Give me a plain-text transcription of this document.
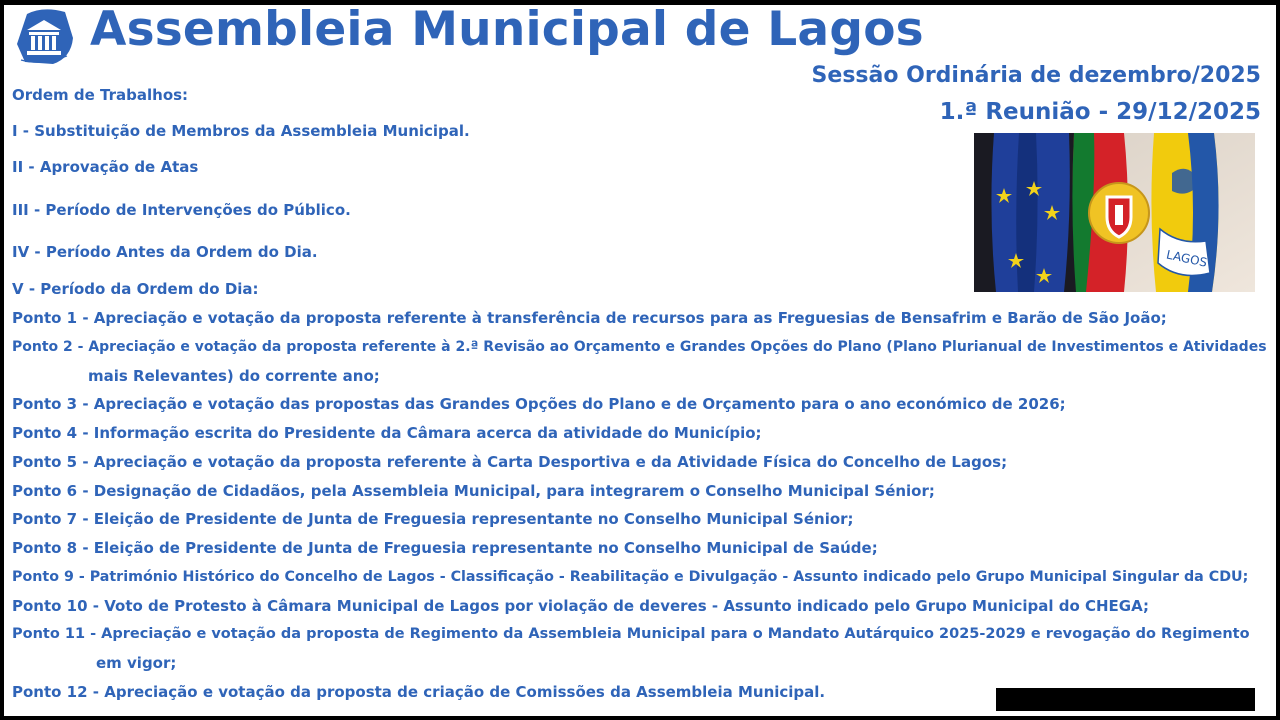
Assembleia Municipal de Lagos
Sessão Ordinária de dezembro/2025
1.ª Reunião - 29/12/2025
LAGOS
Ordem de Trabalhos:
I - Substituição de Membros da Assembleia Municipal.
II - Aprovação de Atas
III - Período de Intervenções do Público.
IV - Período Antes da Ordem do Dia.
V - Período da Ordem do Dia:
Ponto 1 - Apreciação e votação da proposta referente à transferência de recursos para as Freguesias de Bensafrim e Barão de São João;
Ponto 2 - Apreciação e votação da proposta referente à 2.ª Revisão ao Orçamento e Grandes Opções do Plano (Plano Plurianual de Investimentos e Atividades
mais Relevantes) do corrente ano;
Ponto 3 - Apreciação e votação das propostas das Grandes Opções do Plano e de Orçamento para o ano económico de 2026;
Ponto 4 - Informação escrita do Presidente da Câmara acerca da atividade do Município;
Ponto 5 - Apreciação e votação da proposta referente à Carta Desportiva e da Atividade Física do Concelho de Lagos;
Ponto 6 - Designação de Cidadãos, pela Assembleia Municipal, para integrarem o Conselho Municipal Sénior;
Ponto 7 - Eleição de Presidente de Junta de Freguesia representante no Conselho Municipal Sénior;
Ponto 8 - Eleição de Presidente de Junta de Freguesia representante no Conselho Municipal de Saúde;
Ponto 9 - Património Histórico do Concelho de Lagos - Classificação - Reabilitação e Divulgação - Assunto indicado pelo Grupo Municipal Singular da CDU;
Ponto 10 - Voto de Protesto à Câmara Municipal de Lagos por violação de deveres - Assunto indicado pelo Grupo Municipal do CHEGA;
Ponto 11 - Apreciação e votação da proposta de Regimento da Assembleia Municipal para o Mandato Autárquico 2025-2029 e revogação do Regimento
em vigor;
Ponto 12 - Apreciação e votação da proposta de criação de Comissões da Assembleia Municipal.
